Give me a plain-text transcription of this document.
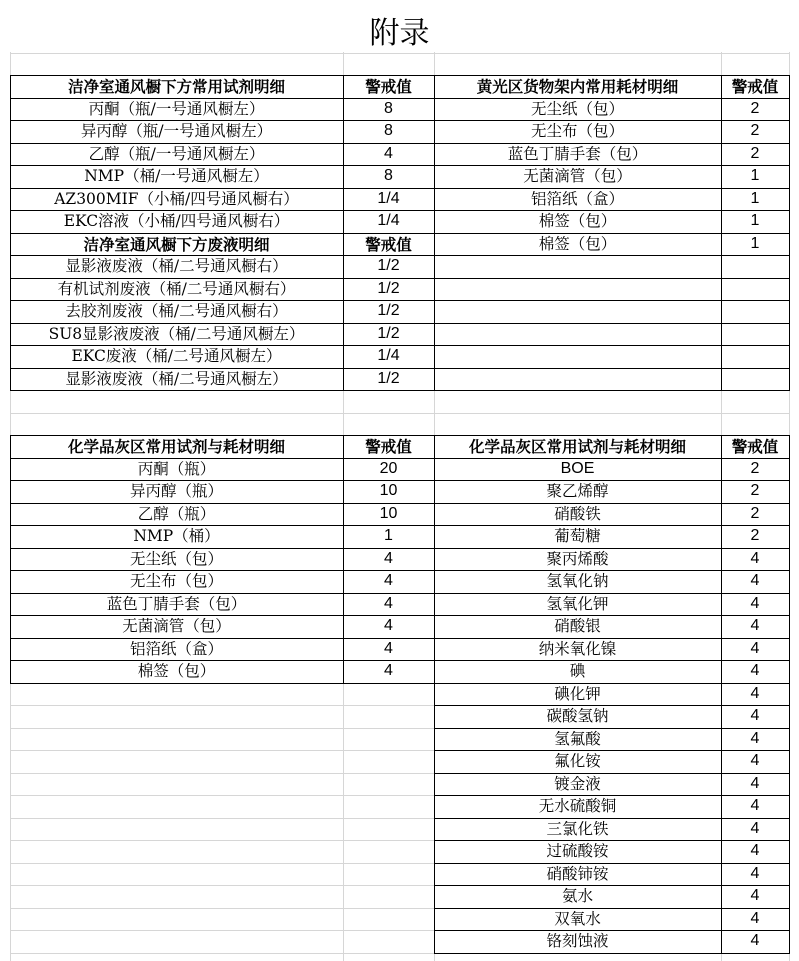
附录
洁净室通风橱下方常用试剂明细	警戒值
丙酮（瓶/一号通风橱左）	8
异丙醇（瓶/一号通风橱左）	8
乙醇（瓶/一号通风橱左）	4
NMP（桶/一号通风橱左）	8
AZ300MIF（小桶/四号通风橱右）	1/4
EKC溶液（小桶/四号通风橱右）	1/4
洁净室通风橱下方废液明细	警戒值
显影液废液（桶/二号通风橱右）	1/2
有机试剂废液（桶/二号通风橱右）	1/2
去胶剂废液（桶/二号通风橱右）	1/2
SU8显影液废液（桶/二号通风橱左）	1/2
EKC废液（桶/二号通风橱左）	1/4
显影液废液（桶/二号通风橱左）	1/2
黄光区货物架内常用耗材明细	警戒值
无尘纸（包）	2
无尘布（包）	2
蓝色丁腈手套（包）	2
无菌滴管（包）	1
铝箔纸（盒）	1
棉签（包）	1
棉签（包）	1
化学品灰区常用试剂与耗材明细	警戒值
丙酮（瓶）	20
异丙醇（瓶）	10
乙醇（瓶）	10
NMP（桶）	1
无尘纸（包）	4
无尘布（包）	4
蓝色丁腈手套（包）	4
无菌滴管（包）	4
铝箔纸（盒）	4
棉签（包）	4
化学品灰区常用试剂与耗材明细	警戒值
BOE	2
聚乙烯醇	2
硝酸铁	2
葡萄糖	2
聚丙烯酸	4
氢氧化钠	4
氢氧化钾	4
硝酸银	4
纳米氧化镍	4
碘	4
碘化钾	4
碳酸氢钠	4
氢氟酸	4
氟化铵	4
镀金液	4
无水硫酸铜	4
三氯化铁	4
过硫酸铵	4
硝酸铈铵	4
氨水	4
双氧水	4
铬刻蚀液	4
